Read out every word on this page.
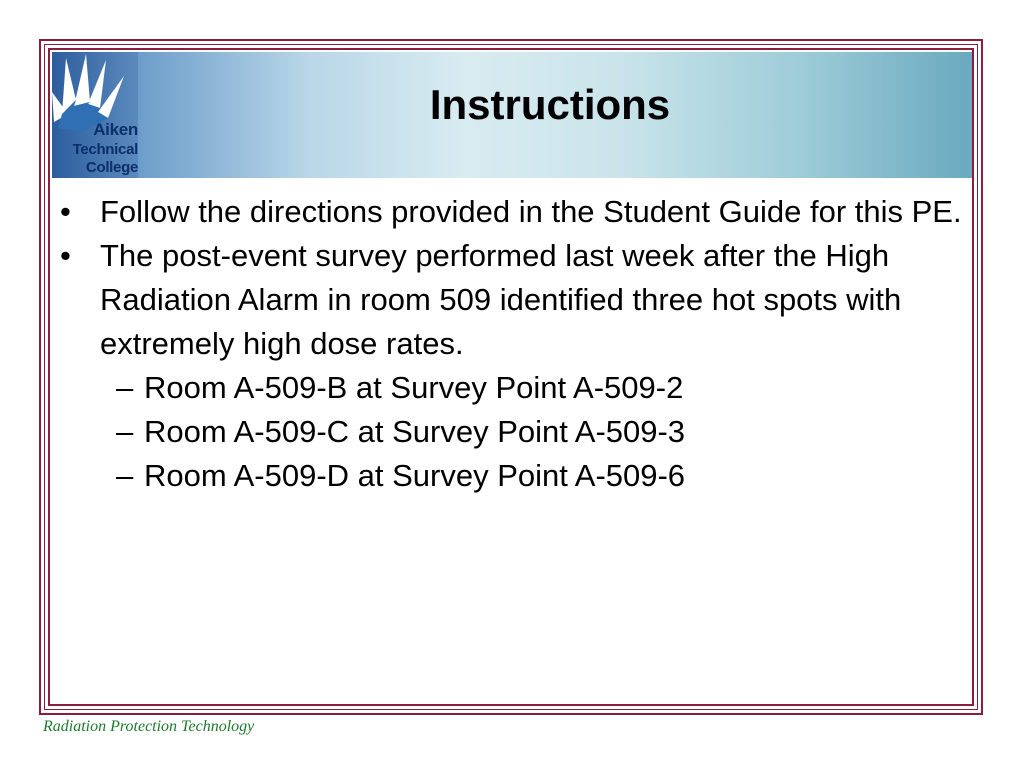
Aiken
Technical
College
Instructions

• Follow the directions provided in the Student Guide for this PE.

• The post-event survey performed last week after the High Radiation Alarm in room 509 identified three hot spots with extremely high dose rates.

– Room A-509-B at Survey Point A-509-2

– Room A-509-C at Survey Point A-509-3

– Room A-509-D at Survey Point A-509-6

Radiation Protection Technology
